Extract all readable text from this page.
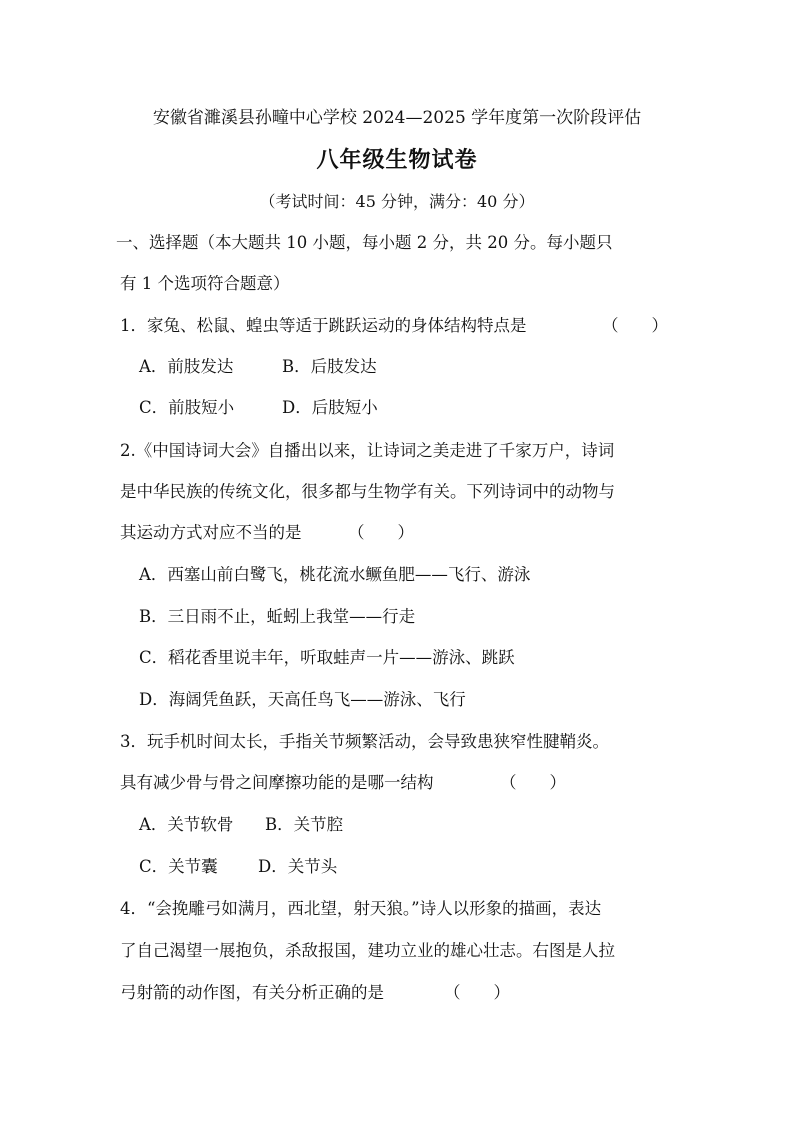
安徽省濉溪县孙疃中心学校 2024—2025 学年度第一次阶段评估
八年级生物试卷
（考试时间：45 分钟，满分：40 分）
一、选择题（本大题共 10 小题，每小题 2 分，共 20 分。每小题只
有 1 个选项符合题意）
1．家兔、松鼠、蝗虫等适于跳跃运动的身体结构特点是	（　　）
A．前肢发达	B．后肢发达
C．前肢短小	D．后肢短小
2.《中国诗词大会》自播出以来，让诗词之美走进了千家万户，诗词
是中华民族的传统文化，很多都与生物学有关。下列诗词中的动物与
其运动方式对应不当的是	（　　）
A．西塞山前白鹭飞，桃花流水鳜鱼肥——飞行、游泳
B．三日雨不止，蚯蚓上我堂——行走
C．稻花香里说丰年，听取蛙声一片——游泳、跳跃
D．海阔凭鱼跃，天高任鸟飞——游泳、飞行
3．玩手机时间太长，手指关节频繁活动，会导致患狭窄性腱鞘炎。
具有减少骨与骨之间摩擦功能的是哪一结构	（　　）
A．关节软骨 B．关节腔
C．关节囊 D．关节头
4．“会挽雕弓如满月，西北望，射天狼。”诗人以形象的描画，表达
了自己渴望一展抱负，杀敌报国，建功立业的雄心壮志。右图是人拉
弓射箭的动作图，有关分析正确的是	（　　）
